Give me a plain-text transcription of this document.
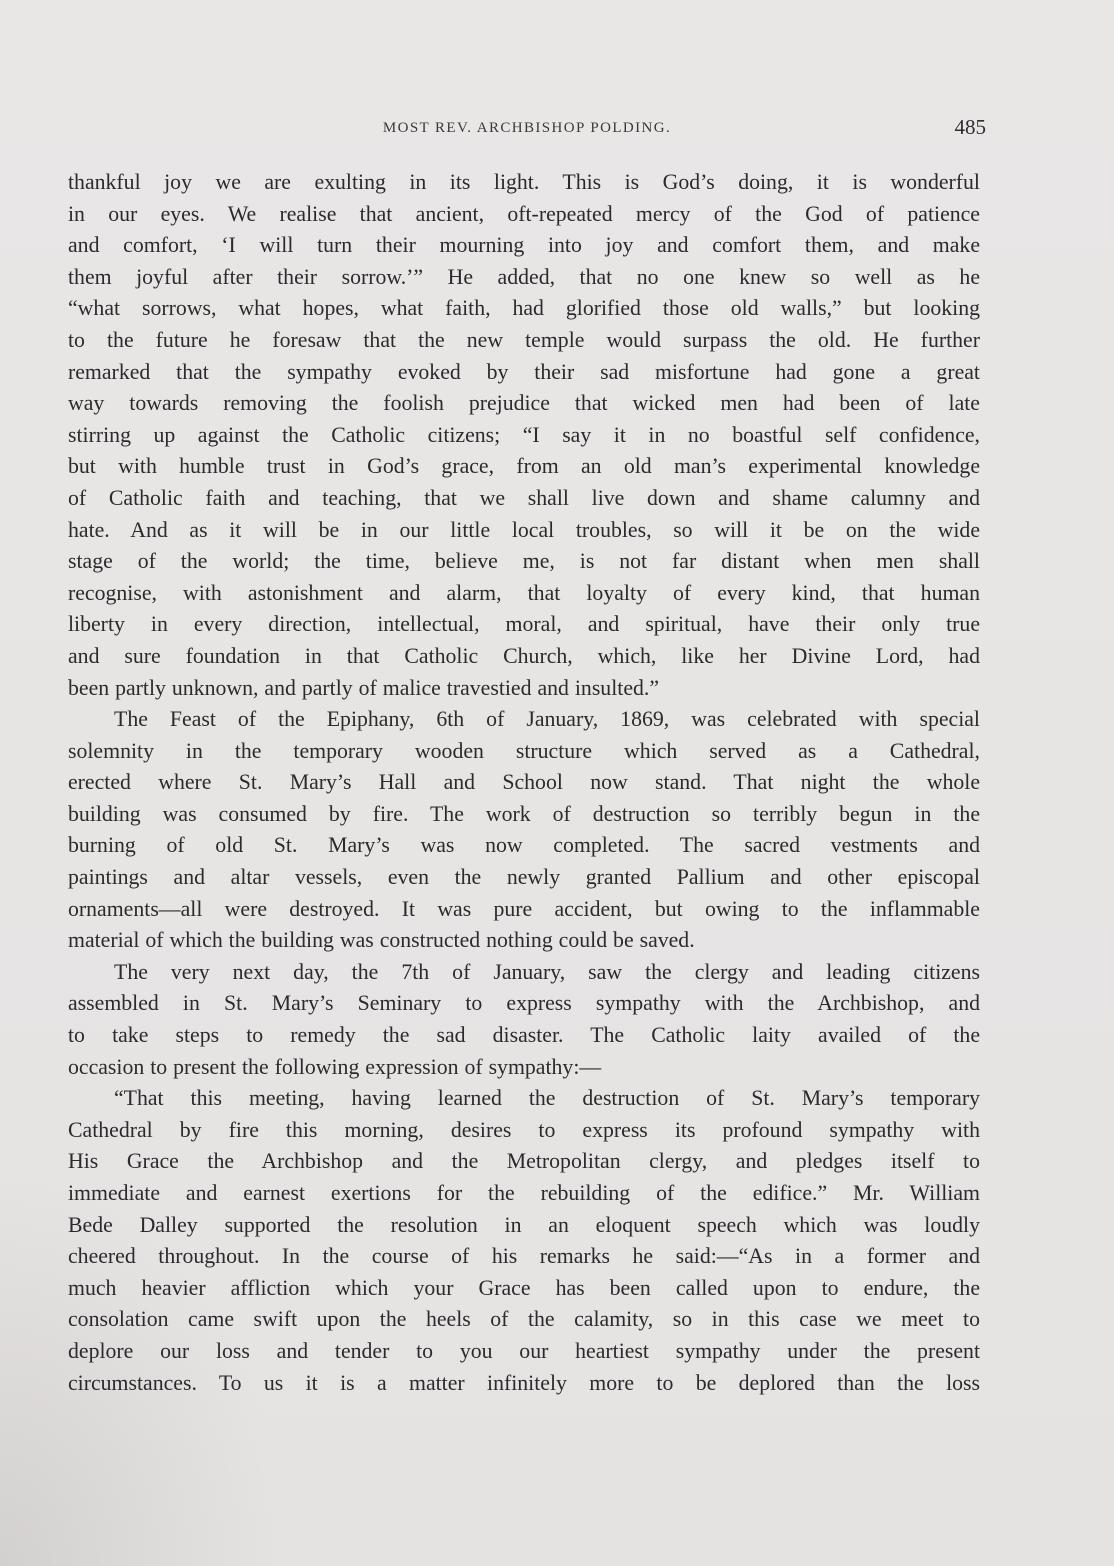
MOST REV. ARCHBISHOP POLDING.	485

thankful joy we are exulting in its light. This is God’s doing, it is wonderful

in our eyes. We realise that ancient, oft-repeated mercy of the God of patience

and comfort, ‘I will turn their mourning into joy and comfort them, and make

them joyful after their sorrow.’” He added, that no one knew so well as he

“what sorrows, what hopes, what faith, had glorified those old walls,” but looking

to the future he foresaw that the new temple would surpass the old. He further

remarked that the sympathy evoked by their sad misfortune had gone a great

way towards removing the foolish prejudice that wicked men had been of late

stirring up against the Catholic citizens; “I say it in no boastful self confidence,

but with humble trust in God’s grace, from an old man’s experimental knowledge

of Catholic faith and teaching, that we shall live down and shame calumny and

hate. And as it will be in our little local troubles, so will it be on the wide

stage of the world; the time, believe me, is not far distant when men shall

recognise, with astonishment and alarm, that loyalty of every kind, that human

liberty in every direction, intellectual, moral, and spiritual, have their only true

and sure foundation in that Catholic Church, which, like her Divine Lord, had

been partly unknown, and partly of malice travestied and insulted.”

The Feast of the Epiphany, 6th of January, 1869, was celebrated with special

solemnity in the temporary wooden structure which served as a Cathedral,

erected where St. Mary’s Hall and School now stand. That night the whole

building was consumed by fire. The work of destruction so terribly begun in the

burning of old St. Mary’s was now completed. The sacred vestments and

paintings and altar vessels, even the newly granted Pallium and other episcopal

ornaments—all were destroyed. It was pure accident, but owing to the inflammable

material of which the building was constructed nothing could be saved.

The very next day, the 7th of January, saw the clergy and leading citizens

assembled in St. Mary’s Seminary to express sympathy with the Archbishop, and

to take steps to remedy the sad disaster. The Catholic laity availed of the

occasion to present the following expression of sympathy:—

“That this meeting, having learned the destruction of St. Mary’s temporary

Cathedral by fire this morning, desires to express its profound sympathy with

His Grace the Archbishop and the Metropolitan clergy, and pledges itself to

immediate and earnest exertions for the rebuilding of the edifice.” Mr. William

Bede Dalley supported the resolution in an eloquent speech which was loudly

cheered throughout. In the course of his remarks he said:—“As in a former and

much heavier affliction which your Grace has been called upon to endure, the

consolation came swift upon the heels of the calamity, so in this case we meet to

deplore our loss and tender to you our heartiest sympathy under the present

circumstances. To us it is a matter infinitely more to be deplored than the loss
